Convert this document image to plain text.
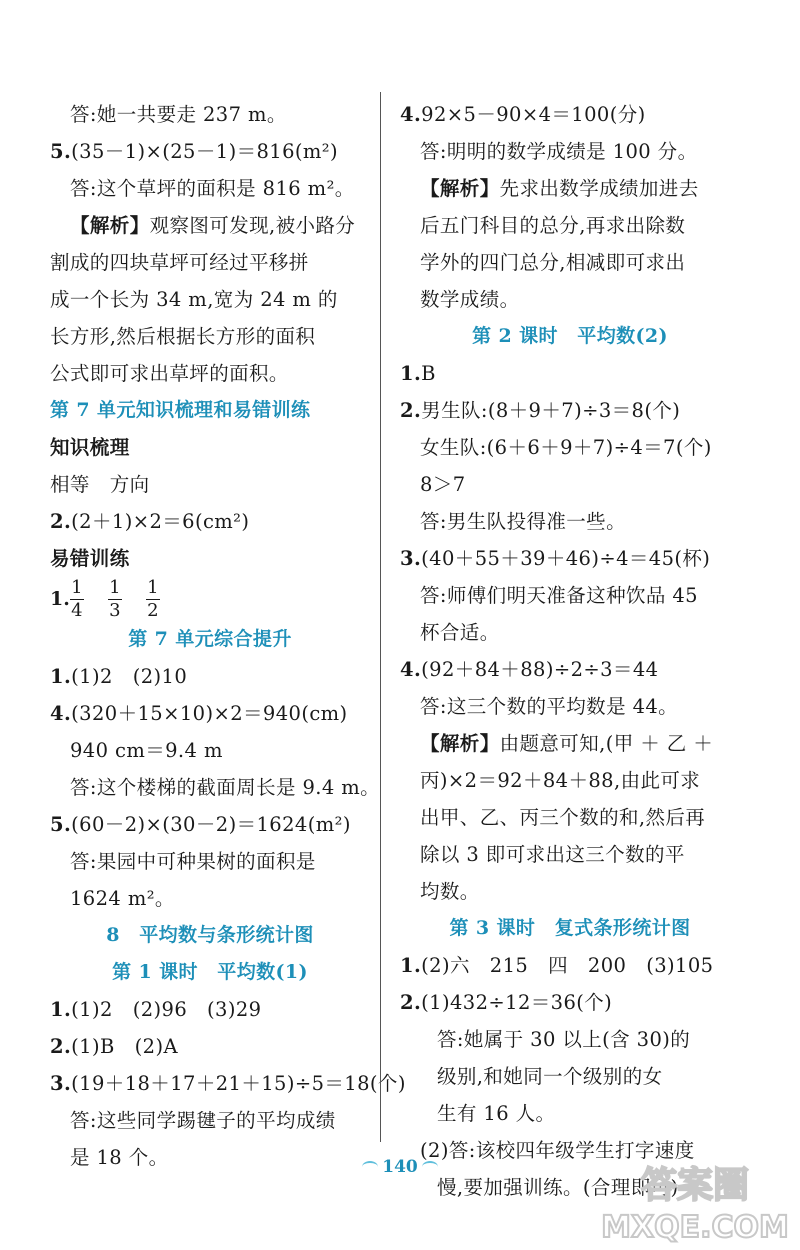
答:她一共要走 237 m。
5.(35－1)×(25－1)＝816(m²)
答:这个草坪的面积是 816 m²。
【解析】观察图可发现,被小路分
割成的四块草坪可经过平移拼
成一个长为 34 m,宽为 24 m 的
长方形,然后根据长方形的面积
公式即可求出草坪的面积。
第 7 单元知识梳理和易错训练
知识梳理
相等　方向
2.(2＋1)×2＝6(cm²)
易错训练
1. $\frac{1}{4} \frac{1}{3} \frac{1}{2}$
第 7 单元综合提升
1.(1)2　(2)10
4.(320＋15×10)×2＝940(cm)
940 cm＝9.4 m
答:这个楼梯的截面周长是 9.4 m。
5.(60－2)×(30－2)＝1624(m²)
答:果园中可种果树的面积是
1624 m²。
8　平均数与条形统计图
第 1 课时　平均数(1)
1.(1)2　(2)96　(3)29
2.(1)B　(2)A
3.(19＋18＋17＋21＋15)÷5＝18(个)
答:这些同学踢毽子的平均成绩
是 18 个。
4.92×5－90×4＝100(分)
答:明明的数学成绩是 100 分。
【解析】先求出数学成绩加进去
后五门科目的总分,再求出除数
学外的四门总分,相减即可求出
数学成绩。
第 2 课时　平均数(2)
1.B
2.男生队:(8＋9＋7)÷3＝8(个)
女生队:(6＋6＋9＋7)÷4＝7(个)
8＞7
答:男生队投得准一些。
3.(40＋55＋39＋46)÷4＝45(杯)
答:师傅们明天准备这种饮品 45
杯合适。
4.(92＋84＋88)÷2÷3＝44
答:这三个数的平均数是 44。
【解析】由题意可知,(甲 ＋ 乙 ＋
丙)×2＝92＋84＋88,由此可求
出甲、乙、丙三个数的和,然后再
除以 3 即可求出这三个数的平
均数。
第 3 课时　复式条形统计图
1.(2)六　215　四　200　(3)105
2.(1)432÷12＝36(个)
答:她属于 30 以上(含 30)的
级别,和她同一个级别的女
生有 16 人。
(2)答:该校四年级学生打字速度
慢,要加强训练。(合理即可)
140	答案圈
MXQE.COM
